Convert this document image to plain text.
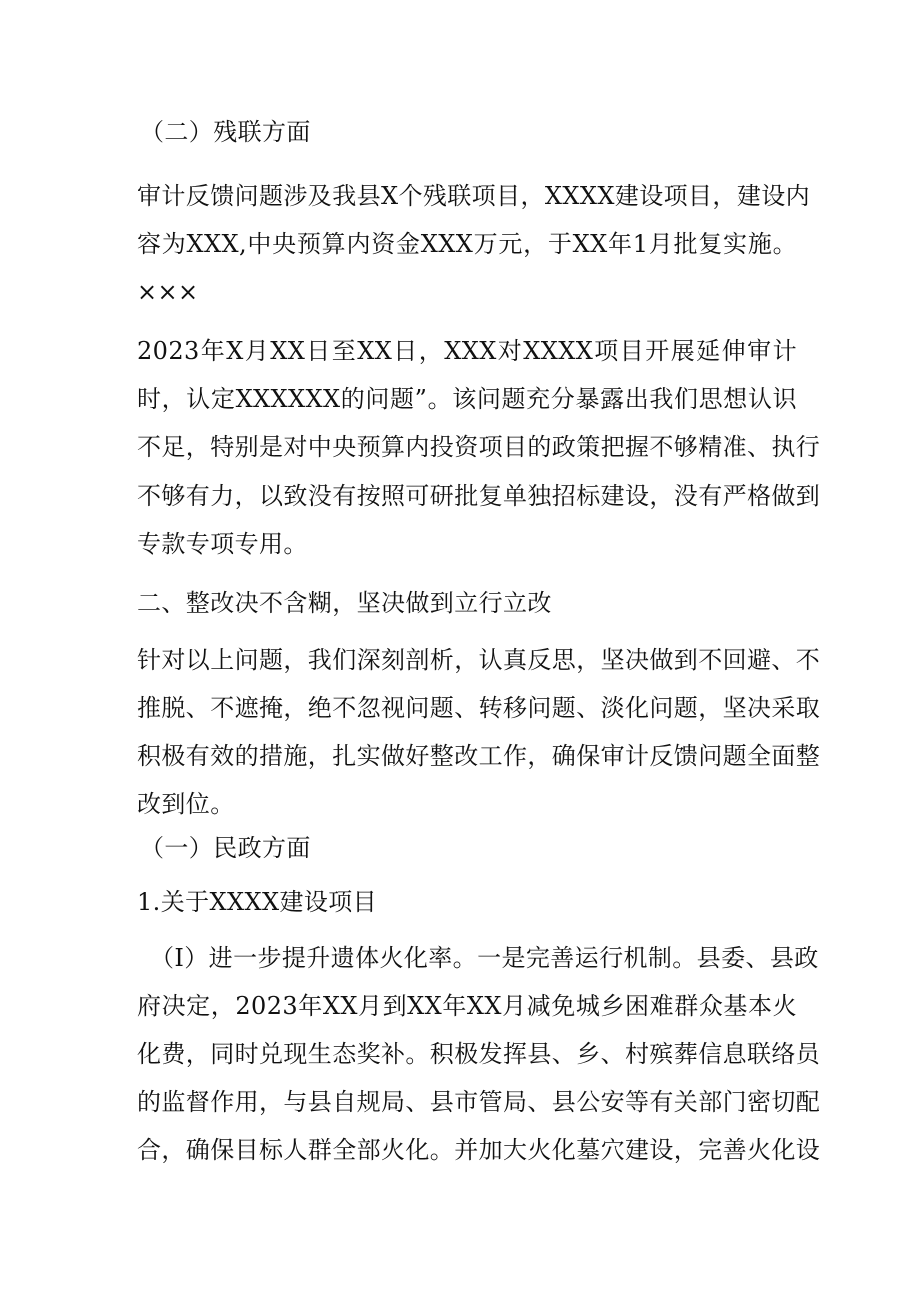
（二）残联方面
审计反馈问题涉及我县X个残联项目，XXXX建设项目，建设内
容为XXX,中央预算内资金XXX万元，于XX年1月批复实施。
×××
2023年X月XX日至XX日，XXX对XXXX项目开展延伸审计
时，认定XXXXXX的问题”。该问题充分暴露出我们思想认识
不足，特别是对中央预算内投资项目的政策把握不够精准、执行
不够有力，以致没有按照可研批复单独招标建设，没有严格做到
专款专项专用。
二、整改决不含糊，坚决做到立行立改
针对以上问题，我们深刻剖析，认真反思，坚决做到不回避、不
推脱、不遮掩，绝不忽视问题、转移问题、淡化问题，坚决采取
积极有效的措施，扎实做好整改工作，确保审计反馈问题全面整
改到位。
（一）民政方面
1.关于XXXX建设项目
（I）进一步提升遗体火化率。一是完善运行机制。县委、县政
府决定，2023年XX月到XX年XX月减免城乡困难群众基本火
化费，同时兑现生态奖补。积极发挥县、乡、村殡葬信息联络员
的监督作用，与县自规局、县市管局、县公安等有关部门密切配
合，确保目标人群全部火化。并加大火化墓穴建设，完善火化设
